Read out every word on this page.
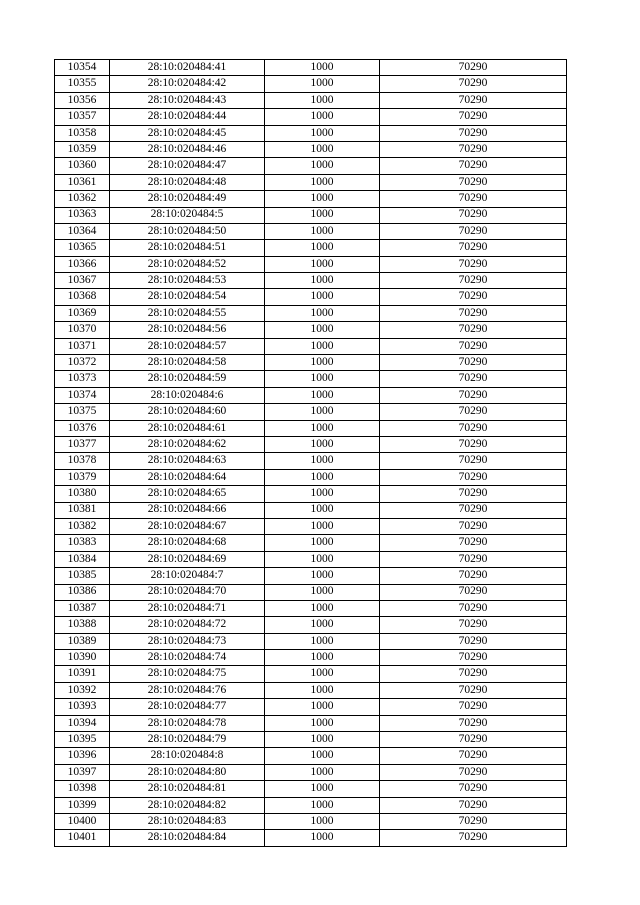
10354	28:10:020484:41	1000	70290
10355	28:10:020484:42	1000	70290
10356	28:10:020484:43	1000	70290
10357	28:10:020484:44	1000	70290
10358	28:10:020484:45	1000	70290
10359	28:10:020484:46	1000	70290
10360	28:10:020484:47	1000	70290
10361	28:10:020484:48	1000	70290
10362	28:10:020484:49	1000	70290
10363	28:10:020484:5	1000	70290
10364	28:10:020484:50	1000	70290
10365	28:10:020484:51	1000	70290
10366	28:10:020484:52	1000	70290
10367	28:10:020484:53	1000	70290
10368	28:10:020484:54	1000	70290
10369	28:10:020484:55	1000	70290
10370	28:10:020484:56	1000	70290
10371	28:10:020484:57	1000	70290
10372	28:10:020484:58	1000	70290
10373	28:10:020484:59	1000	70290
10374	28:10:020484:6	1000	70290
10375	28:10:020484:60	1000	70290
10376	28:10:020484:61	1000	70290
10377	28:10:020484:62	1000	70290
10378	28:10:020484:63	1000	70290
10379	28:10:020484:64	1000	70290
10380	28:10:020484:65	1000	70290
10381	28:10:020484:66	1000	70290
10382	28:10:020484:67	1000	70290
10383	28:10:020484:68	1000	70290
10384	28:10:020484:69	1000	70290
10385	28:10:020484:7	1000	70290
10386	28:10:020484:70	1000	70290
10387	28:10:020484:71	1000	70290
10388	28:10:020484:72	1000	70290
10389	28:10:020484:73	1000	70290
10390	28:10:020484:74	1000	70290
10391	28:10:020484:75	1000	70290
10392	28:10:020484:76	1000	70290
10393	28:10:020484:77	1000	70290
10394	28:10:020484:78	1000	70290
10395	28:10:020484:79	1000	70290
10396	28:10:020484:8	1000	70290
10397	28:10:020484:80	1000	70290
10398	28:10:020484:81	1000	70290
10399	28:10:020484:82	1000	70290
10400	28:10:020484:83	1000	70290
10401	28:10:020484:84	1000	70290
